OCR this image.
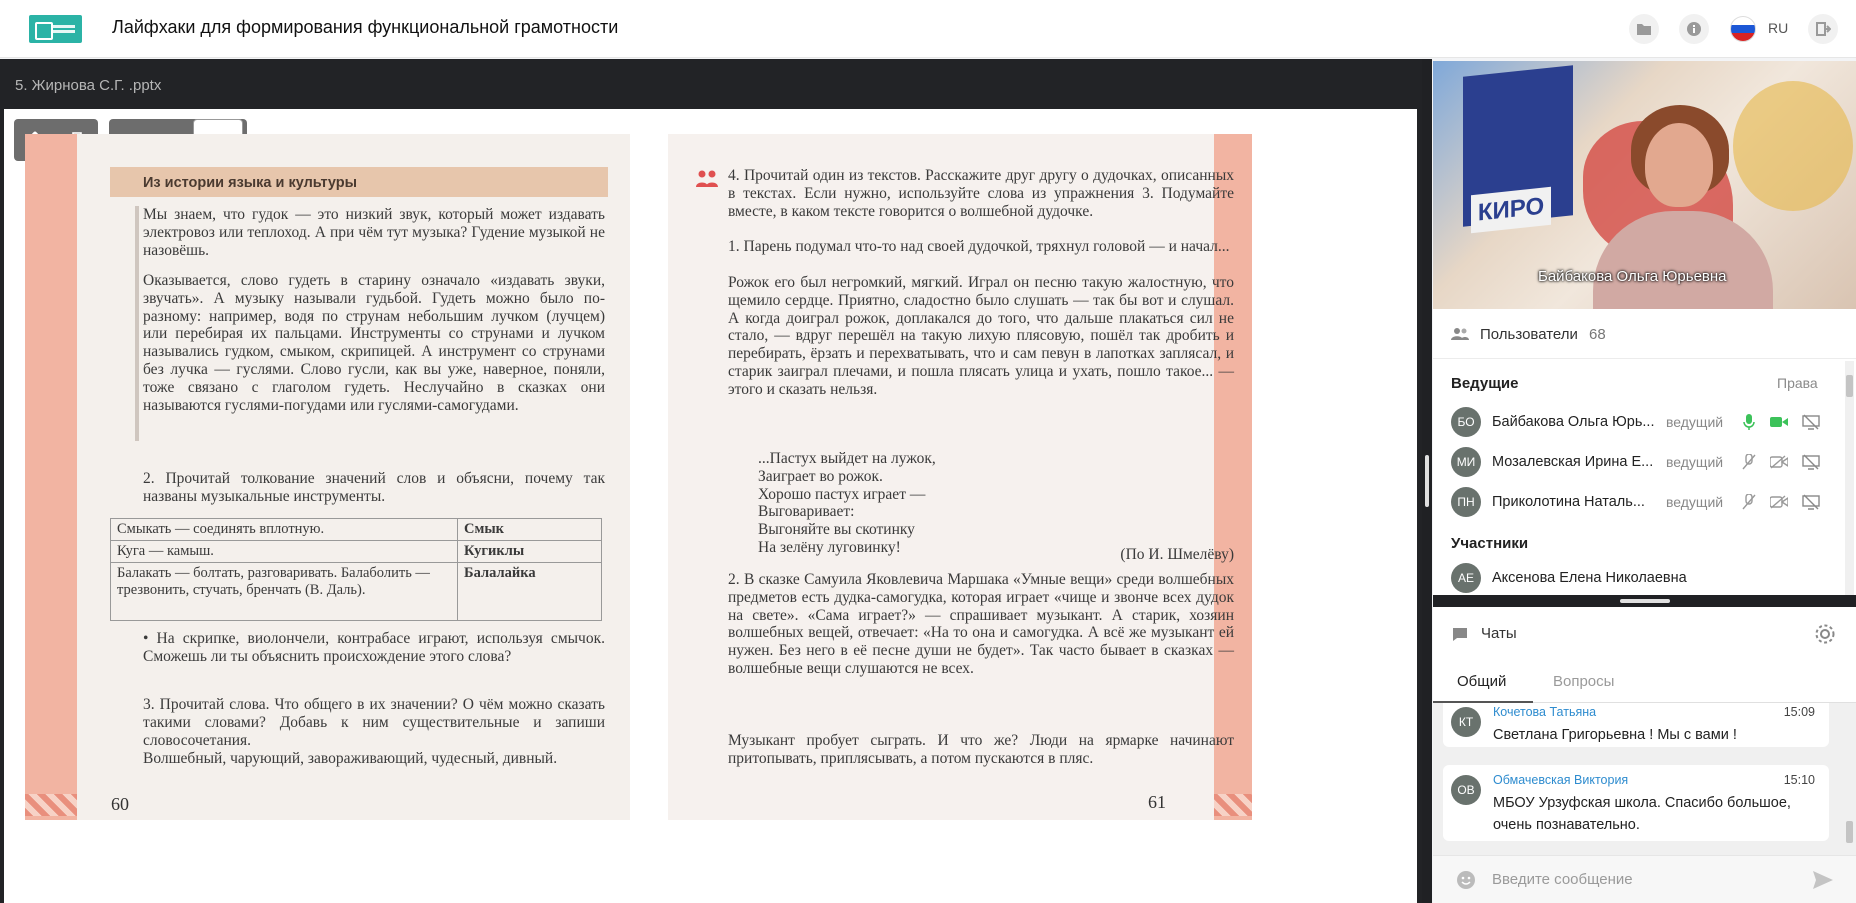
Лайфхаки для формирования функциональной грамотности	RU
5. Жирнова С.Г. .pptx
Из истории языка и культуры
Мы знаем, что гудок — это низкий звук, который может издавать электровоз или теплоход. А при чём тут музыка? Гудение музыкой не назовёшь.
Оказывается, слово гудеть в старину означало «издавать звуки, звучать». А музыку называли гудьбой. Гудеть можно было по-разному: например, водя по струнам небольшим лучком (лучцем) или перебирая их пальцами. Инструменты со струнами и лучком назывались гудком, смыком, скрипицей. А инструмент со струнами без лучка — гуслями. Слово гусли, как вы уже, наверное, поняли, тоже связано с глаголом гудеть. Неслучайно в сказках они называются гуслями-погудами или гуслями-самогудами.
2. Прочитай толкование значений слов и объясни, почему так названы музыкальные инструменты.
Смыкать — соединять вплотную.	Смык
Куга — камыш.	Кугиклы
Балакать — болтать, разговаривать. Балаболить — трезвонить, стучать, бренчать (В. Даль).	Балалайка
• На скрипке, виолончели, контрабасе играют, используя смычок. Сможешь ли ты объяснить происхождение этого слова?
3. Прочитай слова. Что общего в их значении? О чём можно сказать такими словами? Добавь к ним существительные и запиши словосочетания.
Волшебный, чарующий, завораживающий, чудесный, дивный.
60
4. Прочитай один из текстов. Расскажите друг другу о дудочках, описанных в текстах. Если нужно, используйте слова из упражнения 3. Подумайте вместе, в каком тексте говорится о волшебной дудочке.
1. Парень подумал что-то над своей дудочкой, тряхнул головой — и начал...
Рожок его был негромкий, мягкий. Играл он песню такую жалостную, что щемило сердце. Приятно, сладостно было слушать — так бы вот и слушал. А когда доиграл рожок, доплакался до того, что дальше плакаться сил не стало, — вдруг перешёл на такую лихую плясовую, пошёл так дробить и перебирать, ёрзать и перехватывать, что и сам певун в лапотках заплясал, и старик заиграл плечами, и пошла плясать улица и ухать, пошло такое... — этого и сказать нельзя.

...Пастух выйдет на лужок,

Заиграет во рожок.

Хорошо пастух играет —

Выговаривает:

Выгоняйте вы скотинку

На зелёну луговинку!	(По И. Шмелёву)
2. В сказке Самуила Яковлевича Маршака «Умные вещи» среди волшебных предметов есть дудка-самогудка, которая играет «чище и звонче всех дудок на свете». «Сама играет?» — спрашивает музыкант. А старик, хозяин волшебных вещей, отвечает: «На то она и самогудка. А всё же музыкант ей нужен. Без него в её песне души не будет». Так часто бывает в сказках — волшебные вещи слушаются не всех.
Музыкант пробует сыграть. И что же? Люди на ярмарке начинают притопывать, приплясывать, а потом пускаются в пляс.
61
КИРО
Байбакова Ольга Юрьевна
Пользователи 68
Ведущие	Права
БО	Байбакова Ольга Юрь... ведущий
МИ	Мозалевская Ирина Е... ведущий
ПН	Приколотина Наталь... ведущий
Участники
АЕ	Аксенова Елена Николаевна
Чаты
Общий	Вопросы
КТ
Кочетова Татьяна	15:09
Светлана Григорьевна ! Мы с вами !
ОВ
Обмачевская Виктория	15:10
МБОУ Урзуфская школа. Спасибо большое, очень познавательно.
Введите сообщение
